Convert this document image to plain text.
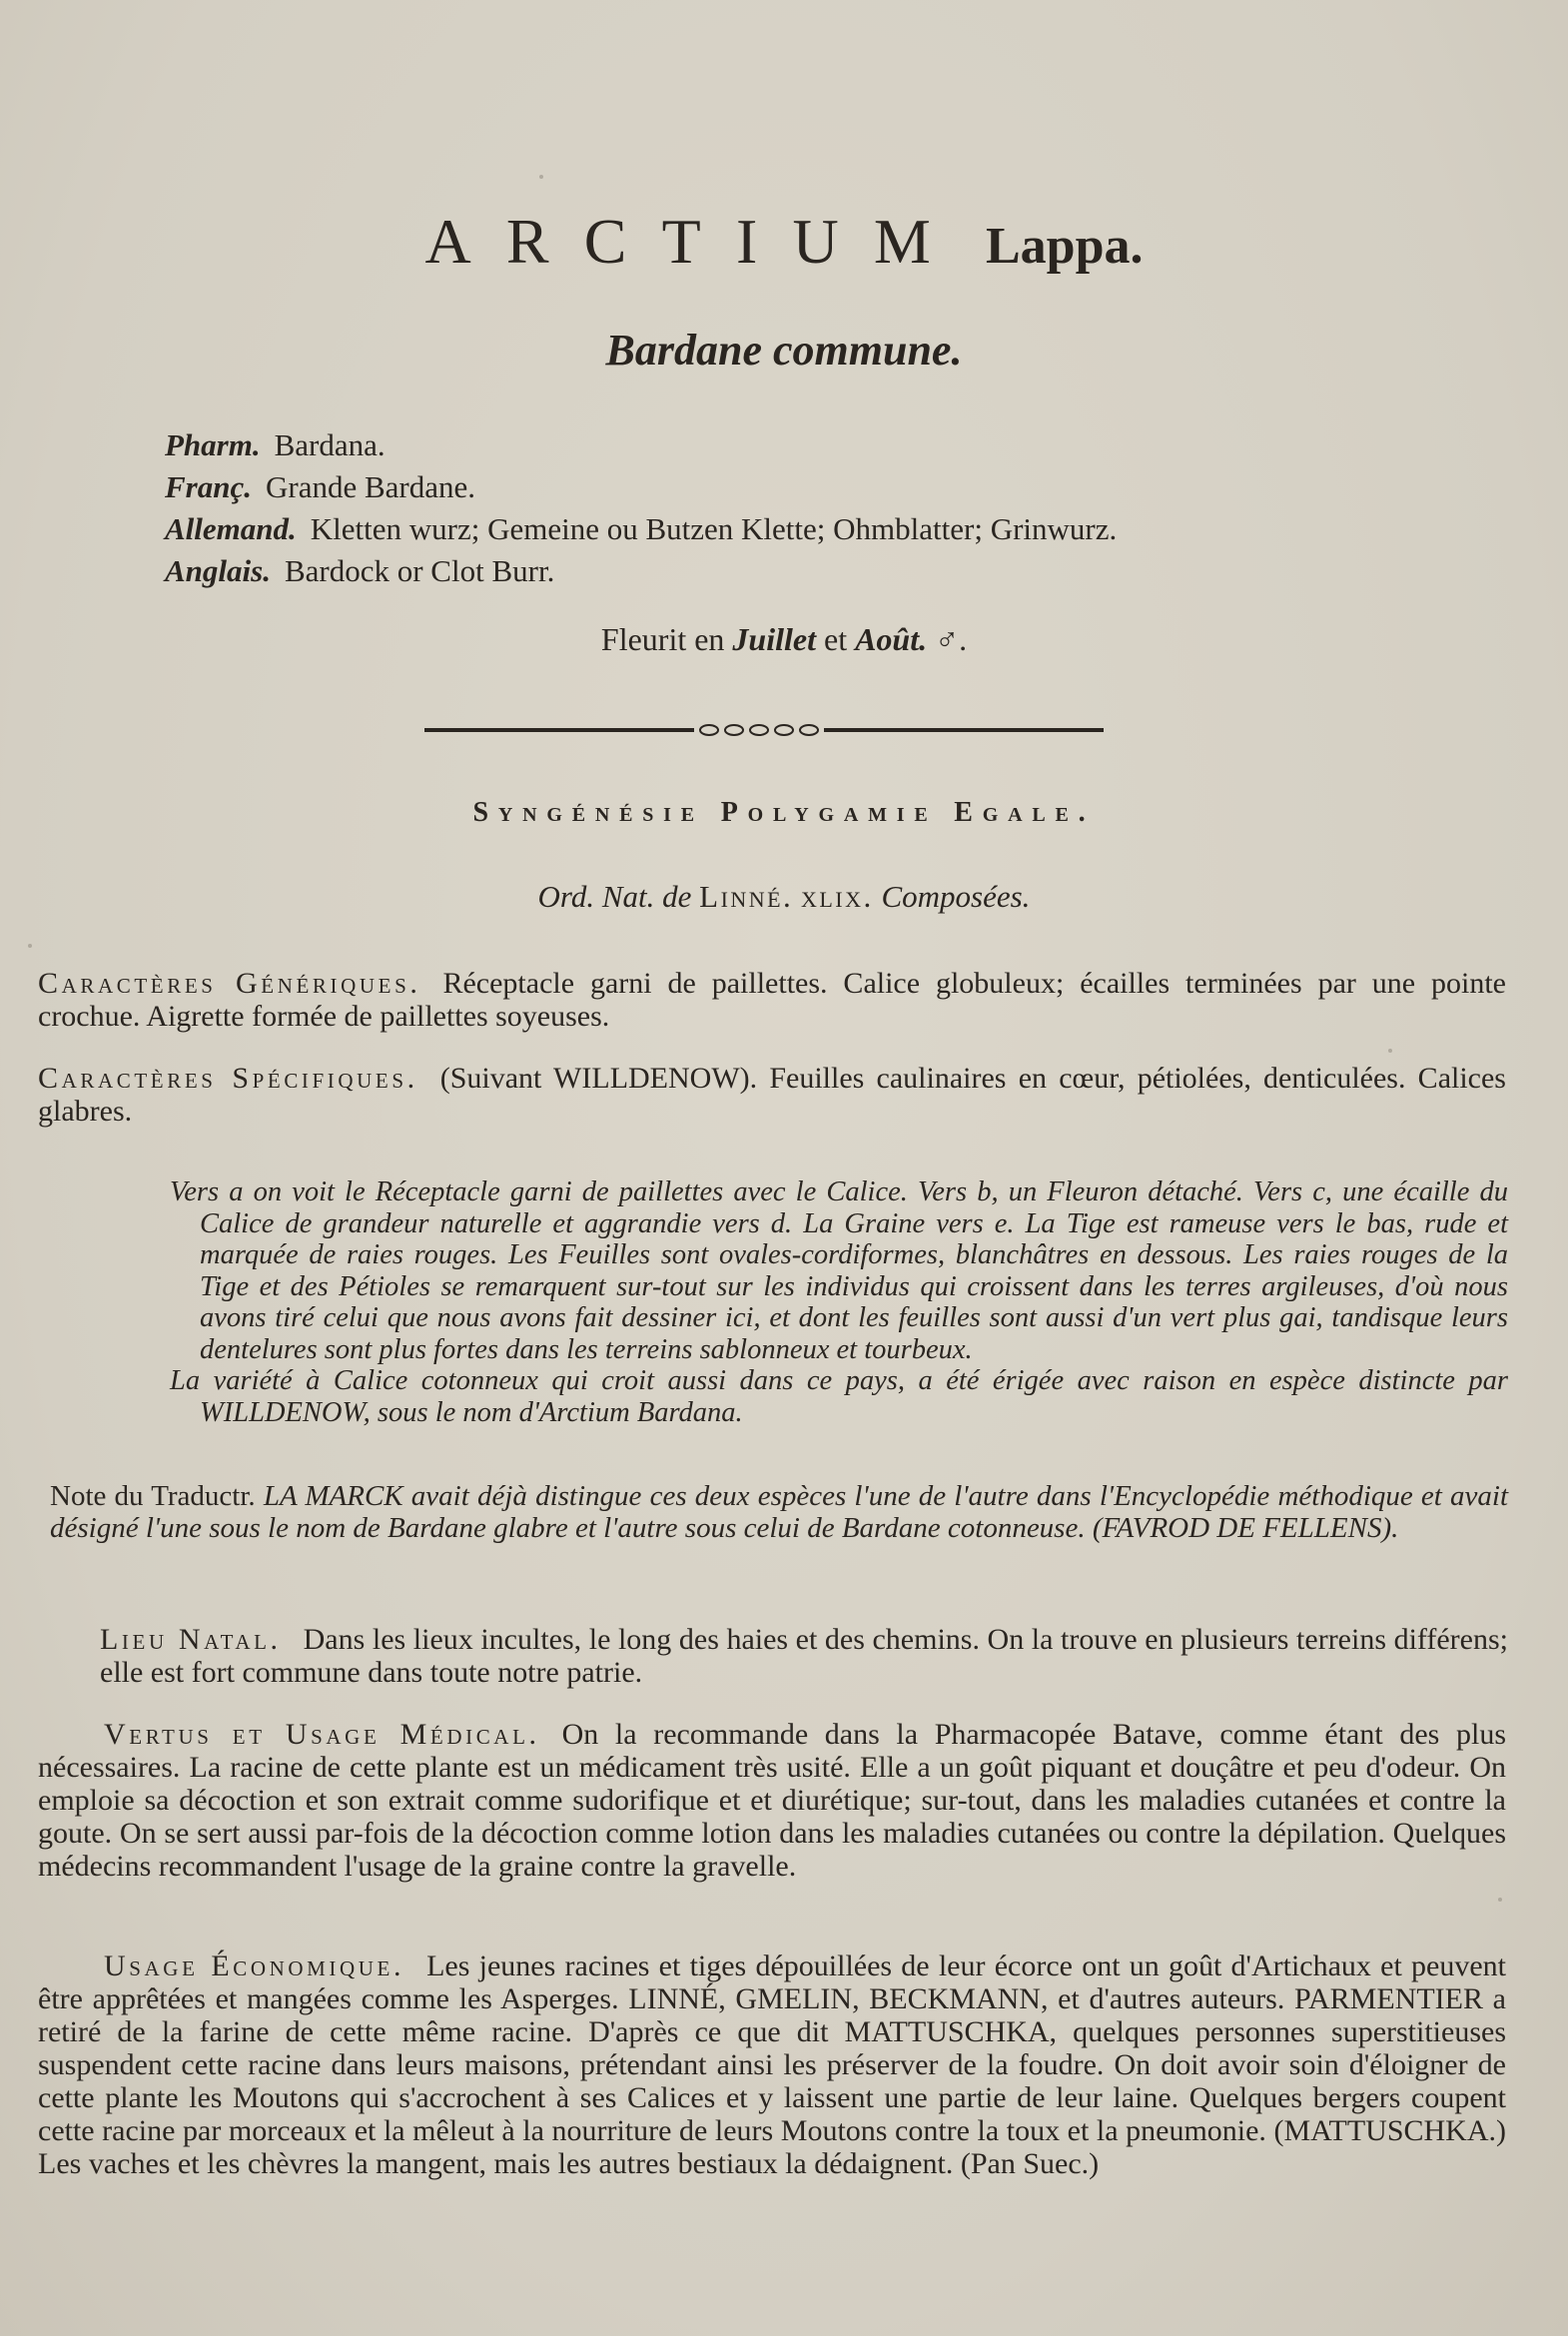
ARCTIUM Lappa.
Bardane commune.
Pharm. Bardana.
Franç. Grande Bardane.
Allemand. Kletten wurz; Gemeine ou Butzen Klette; Ohmblatter; Grinwurz.
Anglais. Bardock or Clot Burr.
Fleurit en Juillet et Août. ♂.
Syngénésie Polygamie Egale.
Ord. Nat. de Linné. xlix. Composées.
Caractères Génériques. Réceptacle garni de paillettes. Calice globuleux; écailles terminées par une pointe crochue. Aigrette formée de paillettes soyeuses.
Caractères Spécifiques. (Suivant WILLDENOW). Feuilles caulinaires en cœur, pétiolées, denticulées. Calices glabres.

Vers a on voit le Réceptacle garni de paillettes avec le Calice. Vers b, un Fleuron détaché. Vers c, une écaille du Calice de grandeur naturelle et aggrandie vers d. La Graine vers e. La Tige est rameuse vers le bas, rude et marquée de raies rouges. Les Feuilles sont ovales-cordiformes, blanchâtres en dessous. Les raies rouges de la Tige et des Pétioles se remarquent sur-tout sur les individus qui croissent dans les terres argileuses, d'où nous avons tiré celui que nous avons fait dessiner ici, et dont les feuilles sont aussi d'un vert plus gai, tandisque leurs dentelures sont plus fortes dans les terreins sablonneux et tourbeux.

La variété à Calice cotonneux qui croit aussi dans ce pays, a été érigée avec raison en espèce distincte par WILLDENOW, sous le nom d'Arctium Bardana.

Note du Traductr. LA MARCK avait déjà distingue ces deux espèces l'une de l'autre dans l'Encyclopédie méthodique et avait désigné l'une sous le nom de Bardane glabre et l'autre sous celui de Bardane cotonneuse. (FAVROD DE FELLENS).
Lieu Natal. Dans les lieux incultes, le long des haies et des chemins. On la trouve en plusieurs terreins différens; elle est fort commune dans toute notre patrie.
Vertus et Usage Médical. On la recommande dans la Pharmacopée Batave, comme étant des plus nécessaires. La racine de cette plante est un médicament très usité. Elle a un goût piquant et douçâtre et peu d'odeur. On emploie sa décoction et son extrait comme sudorifique et et diurétique; sur-tout, dans les maladies cutanées et contre la goute. On se sert aussi par-fois de la décoction comme lotion dans les maladies cutanées ou contre la dépilation. Quelques médecins recommandent l'usage de la graine contre la gravelle.
Usage Économique. Les jeunes racines et tiges dépouillées de leur écorce ont un goût d'Artichaux et peuvent être apprêtées et mangées comme les Asperges. LINNÉ, GMELIN, BECKMANN, et d'autres auteurs. PARMENTIER a retiré de la farine de cette même racine. D'après ce que dit MATTUSCHKA, quelques personnes superstitieuses suspendent cette racine dans leurs maisons, prétendant ainsi les préserver de la foudre. On doit avoir soin d'éloigner de cette plante les Moutons qui s'accrochent à ses Calices et y laissent une partie de leur laine. Quelques bergers coupent cette racine par morceaux et la mêleut à la nourriture de leurs Moutons contre la toux et la pneumonie. (MATTUSCHKA.) Les vaches et les chèvres la mangent, mais les autres bestiaux la dédaignent. (Pan Suec.)
